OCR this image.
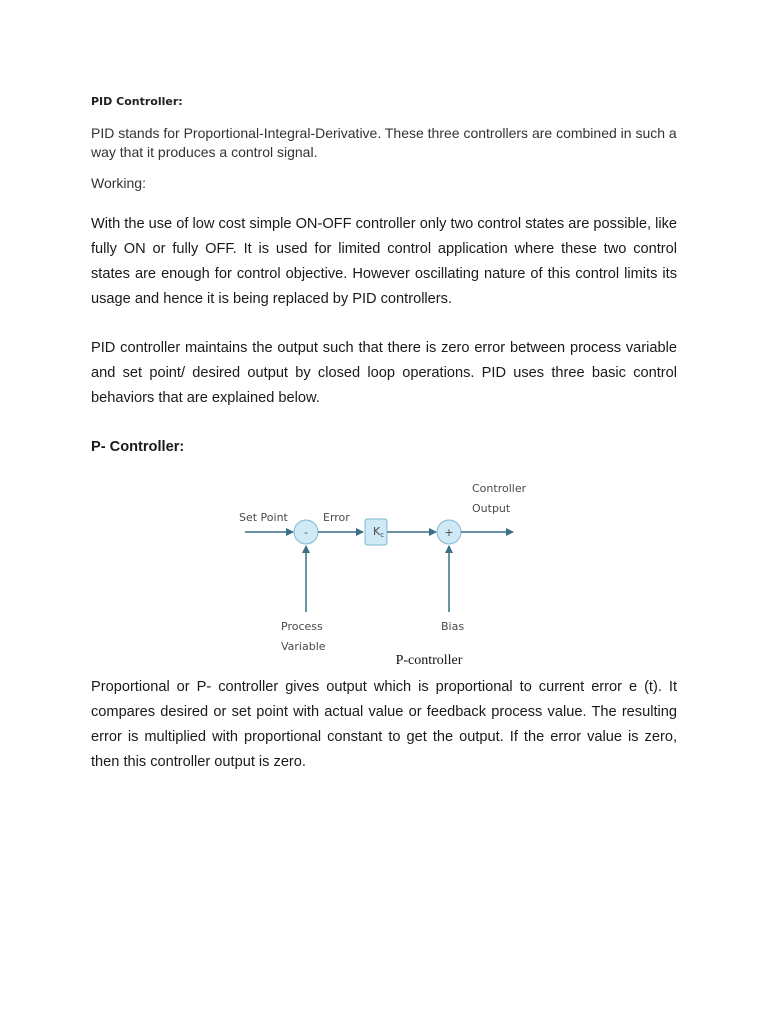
PID Controller:

PID stands for Proportional-Integral-Derivative. These three controllers are combined in such a way that it produces a control signal.

Working:

With the use of low cost simple ON-OFF controller only two control states are possible, like fully ON or fully OFF. It is used for limited control application where these two control states are enough for control objective. However oscillating nature of this control limits its usage and hence it is being replaced by PID controllers.

PID controller maintains the output such that there is zero error between process variable and set point/ desired output by closed loop operations. PID uses three basic control behaviors that are explained below.

P- Controller:
-	Kc	+
Set Point	Error
Controller
Output
Process
Variable
Bias

P-controller

Proportional or P- controller gives output which is proportional to current error e (t). It compares desired or set point with actual value or feedback process value. The resulting error is multiplied with proportional constant to get the output. If the error value is zero, then this controller output is zero.
